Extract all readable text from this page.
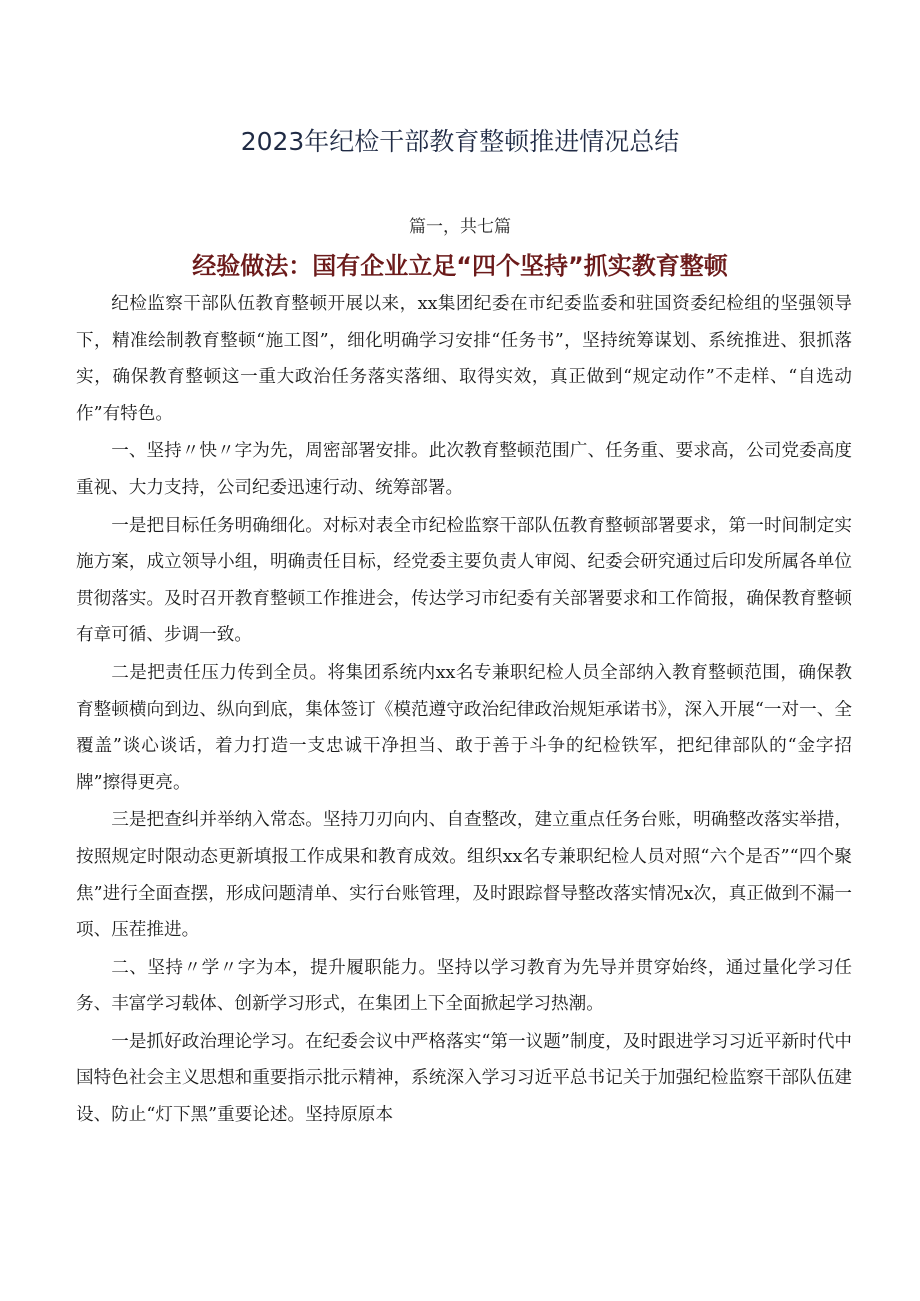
2023年纪检干部教育整顿推进情况总结

篇一，共七篇

经验做法：国有企业立足“四个坚持”抓实教育整顿

纪检监察干部队伍教育整顿开展以来，xx集团纪委在市纪委监委和驻国资委纪检组的坚强领导下，精准绘制教育整顿“施工图”，细化明确学习安排“任务书”，坚持统筹谋划、系统推进、狠抓落实，确保教育整顿这一重大政治任务落实落细、取得实效，真正做到“规定动作”不走样、“自选动作”有特色。

一、坚持〃快〃字为先，周密部署安排。此次教育整顿范围广、任务重、要求高，公司党委高度重视、大力支持，公司纪委迅速行动、统筹部署。

一是把目标任务明确细化。对标对表全市纪检监察干部队伍教育整顿部署要求，第一时间制定实施方案，成立领导小组，明确责任目标，经党委主要负责人审阅、纪委会研究通过后印发所属各单位贯彻落实。及时召开教育整顿工作推进会，传达学习市纪委有关部署要求和工作简报，确保教育整顿有章可循、步调一致。

二是把责任压力传到全员。将集团系统内xx名专兼职纪检人员全部纳入教育整顿范围，确保教育整顿横向到边、纵向到底，集体签订《模范遵守政治纪律政治规矩承诺书》，深入开展“一对一、全覆盖”谈心谈话，着力打造一支忠诚干净担当、敢于善于斗争的纪检铁军，把纪律部队的“金字招牌”擦得更亮。

三是把查纠并举纳入常态。坚持刀刃向内、自查整改，建立重点任务台账，明确整改落实举措，按照规定时限动态更新填报工作成果和教育成效。组织xx名专兼职纪检人员对照“六个是否”“四个聚焦”进行全面查摆，形成问题清单、实行台账管理，及时跟踪督导整改落实情况x次，真正做到不漏一项、压茬推进。

二、坚持〃学〃字为本，提升履职能力。坚持以学习教育为先导并贯穿始终，通过量化学习任务、丰富学习载体、创新学习形式，在集团上下全面掀起学习热潮。

一是抓好政治理论学习。在纪委会议中严格落实“第一议题”制度，及时跟进学习习近平新时代中国特色社会主义思想和重要指示批示精神，系统深入学习习近平总书记关于加强纪检监察干部队伍建设、防止“灯下黑”重要论述。坚持原原本
